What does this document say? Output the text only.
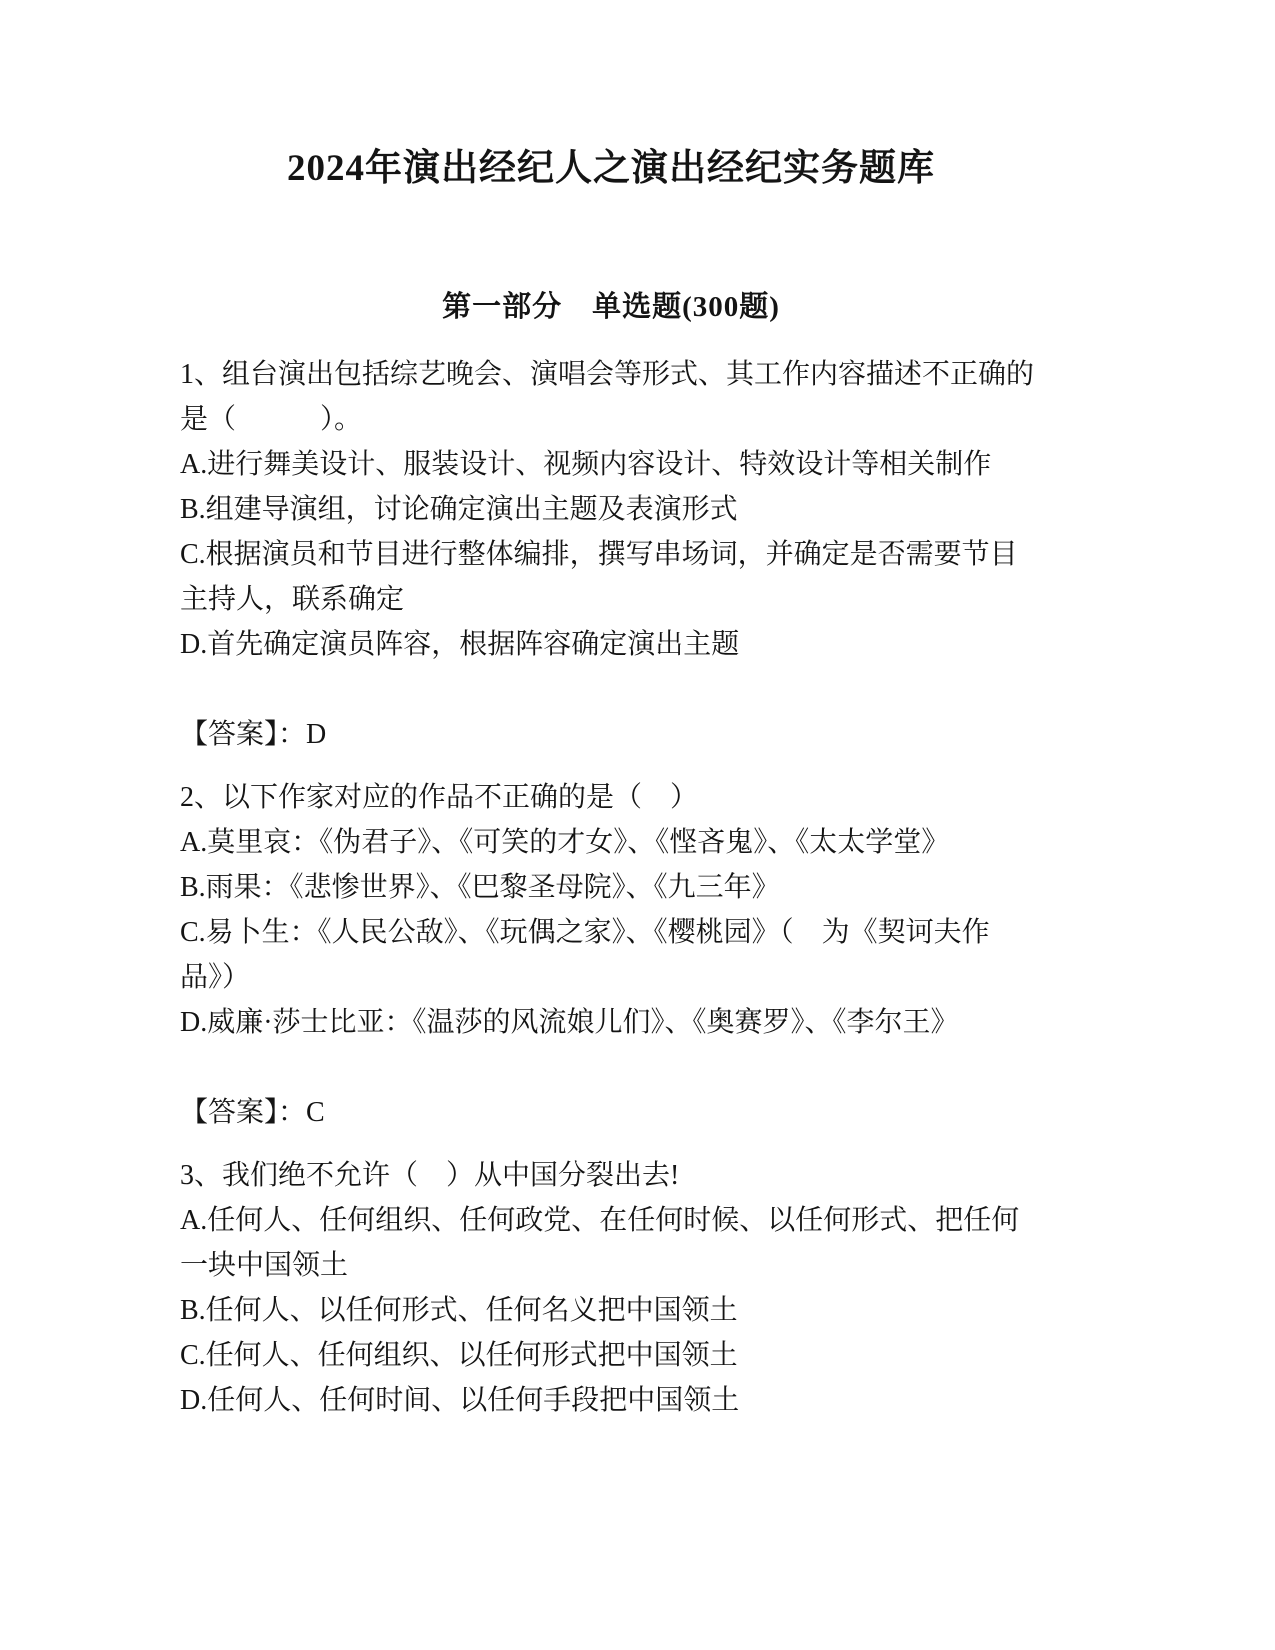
2024年演出经纪人之演出经纪实务题库
第一部分　单选题(300题)

1、组台演出包括综艺晚会、演唱会等形式、其工作内容描述不正确的是（　　　）。

A.进行舞美设计、服装设计、视频内容设计、特效设计等相关制作

B.组建导演组，讨论确定演出主题及表演形式

C.根据演员和节目进行整体编排，撰写串场词，并确定是否需要节目主持人，联系确定

D.首先确定演员阵容，根据阵容确定演出主题

【答案】：D

2、以下作家对应的作品不正确的是（　）

A.莫里哀：《伪君子》、《可笑的才女》、《悭吝鬼》、《太太学堂》

B.雨果：《悲惨世界》、《巴黎圣母院》、《九三年》

C.易卜生：《人民公敌》、《玩偶之家》、《樱桃园》（　为《契诃夫作品》）

D.威廉·莎士比亚：《温莎的风流娘儿们》、《奥赛罗》、《李尔王》

【答案】：C

3、我们绝不允许（　）从中国分裂出去!

A.任何人、任何组织、任何政党、在任何时候、以任何形式、把任何一块中国领土

B.任何人、以任何形式、任何名义把中国领土

C.任何人、任何组织、以任何形式把中国领土

D.任何人、任何时间、以任何手段把中国领土
